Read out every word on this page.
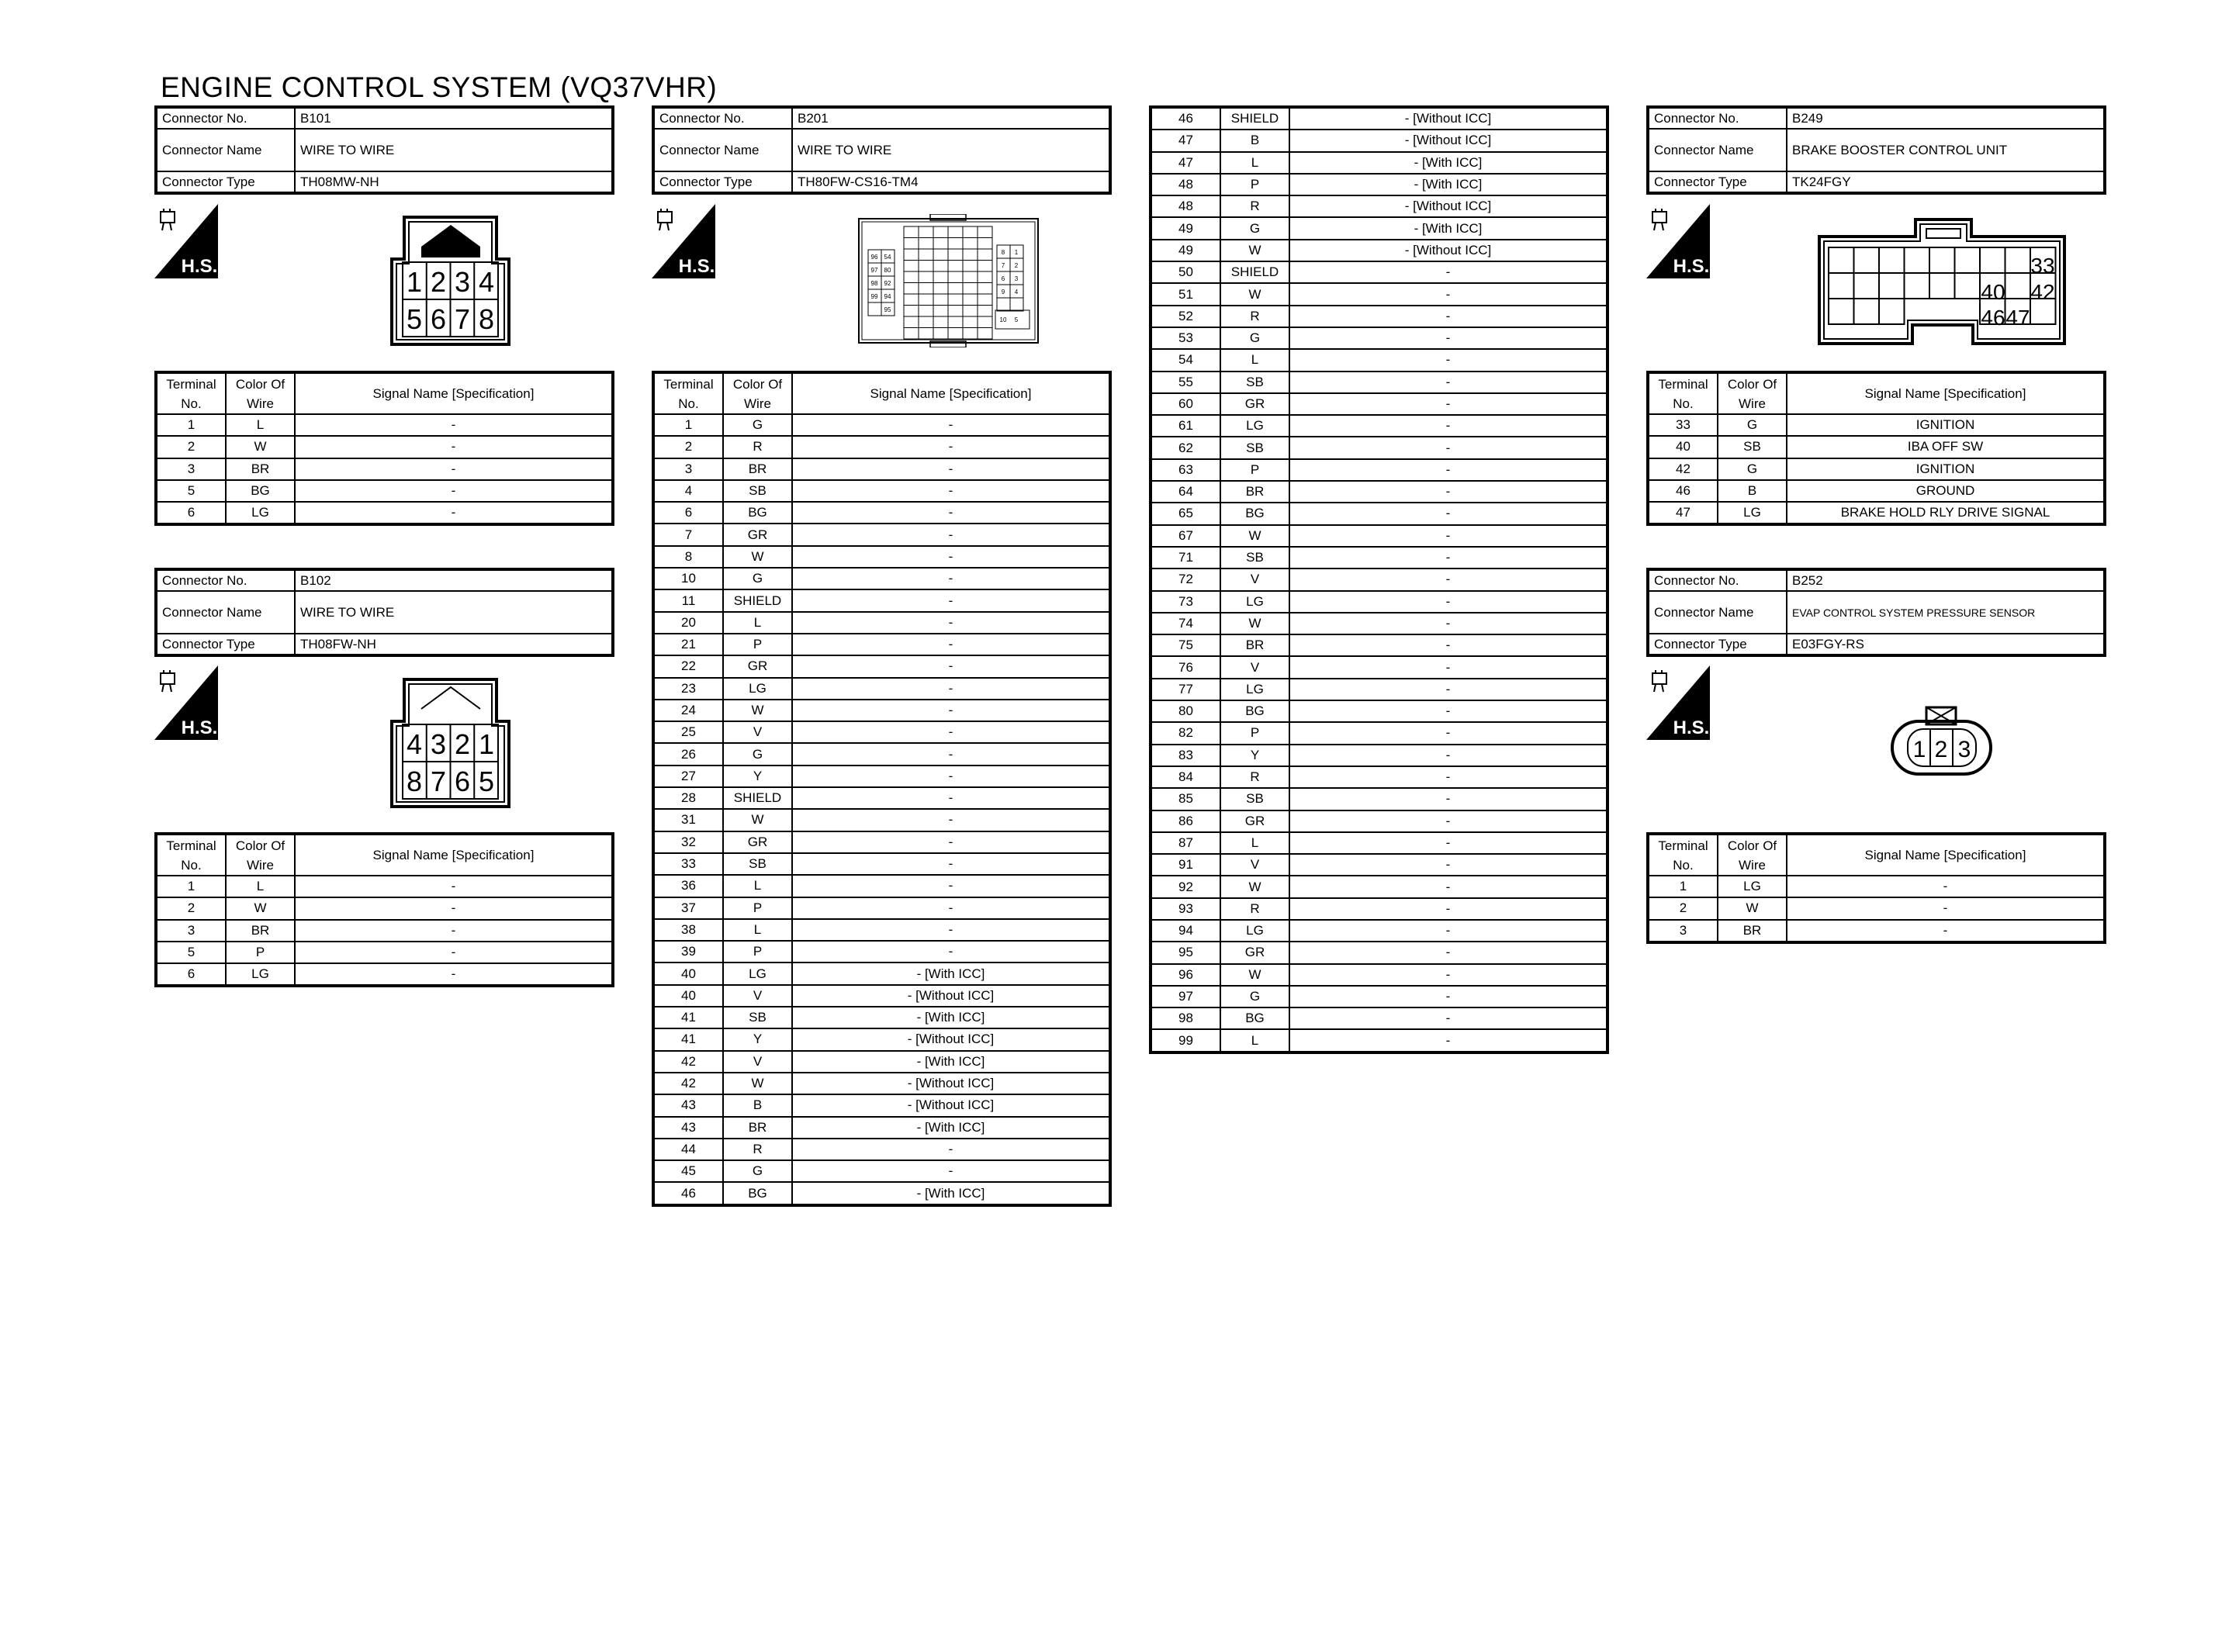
ENGINE CONTROL SYSTEM (VQ37VHR)
Connector No.	B101
Connector Name	WIRE TO WIRE
Connector Type	TH08MW-NH
H.S.	1 2 3 4
5 6 7 8
Terminal No.	Color Of Wire	Signal Name [Specification]
1	L	-
2	W	-
3	BR	-
5	BG	-
6	LG	-
Connector No.	B102
Connector Name	WIRE TO WIRE
Connector Type	TH08FW-NH
H.S.
4 3 2 1
8 7 6 5
Terminal No.	Color Of Wire	Signal Name [Specification]
1	L	-
2	W	-
3	BR	-
5	P	-
6	LG	-
Connector No.	B201
Connector Name	WIRE TO WIRE
Connector Type	TH80FW-CS16-TM4
H.S.	96 54
97 80
98 92
99 94
95
8 1
7 2
6 3
9 4
10 5
Terminal No.	Color Of Wire	Signal Name [Specification]
1	G	-
2	R	-
3	BR	-
4	SB	-
6	BG	-
7	GR	-
8	W	-
10	G	-
11	SHIELD	-
20	L	-
21	P	-
22	GR	-
23	LG	-
24	W	-
25	V	-
26	G	-
27	Y	-
28	SHIELD	-
31	W	-
32	GR	-
33	SB	-
36	L	-
37	P	-
38	L	-
39	P	-
40	LG	- [With ICC]
40	V	- [Without ICC]
41	SB	- [With ICC]
41	Y	- [Without ICC]
42	V	- [With ICC]
42	W	- [Without ICC]
43	B	- [Without ICC]
43	BR	- [With ICC]
44	R	-
45	G	-
46	BG	- [With ICC]
46	SHIELD	- [Without ICC]
47	B	- [Without ICC]
47	L	- [With ICC]
48	P	- [With ICC]
48	R	- [Without ICC]
49	G	- [With ICC]
49	W	- [Without ICC]
50	SHIELD	-
51	W	-
52	R	-
53	G	-
54	L	-
55	SB	-
60	GR	-
61	LG	-
62	SB	-
63	P	-
64	BR	-
65	BG	-
67	W	-
71	SB	-
72	V	-
73	LG	-
74	W	-
75	BR	-
76	V	-
77	LG	-
80	BG	-
82	P	-
83	Y	-
84	R	-
85	SB	-
86	GR	-
87	L	-
91	V	-
92	W	-
93	R	-
94	LG	-
95	GR	-
96	W	-
97	G	-
98	BG	-
99	L	-
Connector No.	B249
Connector Name	BRAKE BOOSTER CONTROL UNIT
Connector Type	TK24FGY
H.S.	33
40 42
46 47
Terminal No.	Color Of Wire	Signal Name [Specification]
33	G	IGNITION
40	SB	IBA OFF SW
42	G	IGNITION
46	B	GROUND
47	LG	BRAKE HOLD RLY DRIVE SIGNAL
Connector No.	B252
Connector Name	EVAP CONTROL SYSTEM PRESSURE SENSOR
Connector Type	E03FGY-RS
H.S.
1 2 3
Terminal No.	Color Of Wire	Signal Name [Specification]
1	LG	-
2	W	-
3	BR	-
